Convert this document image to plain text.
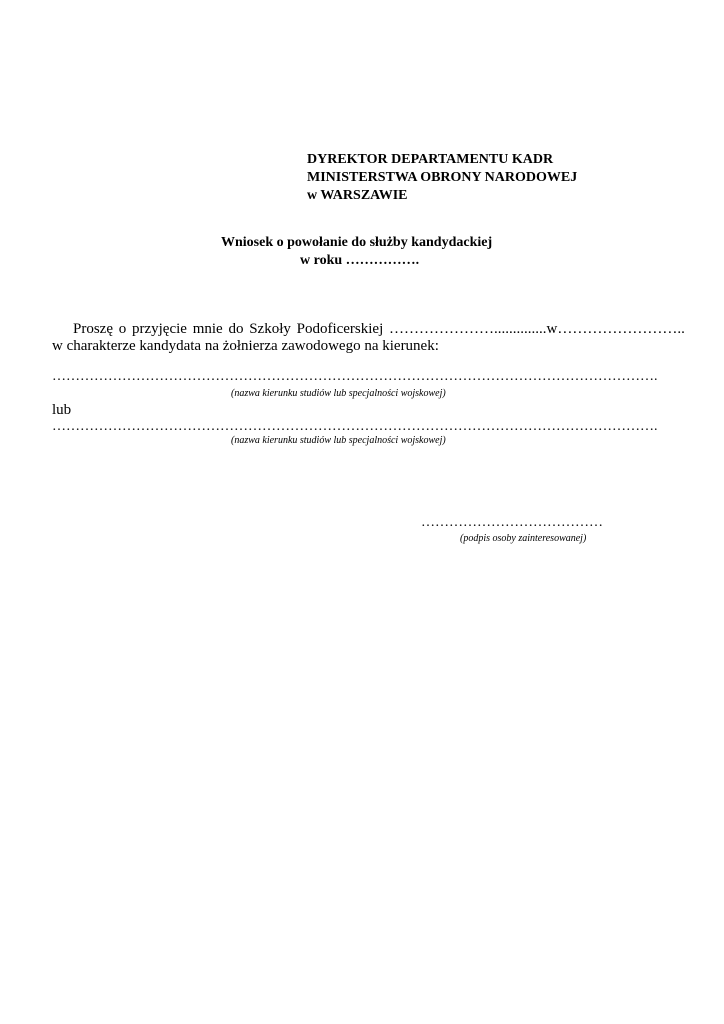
DYREKTOR DEPARTAMENTU KADR
MINISTERSTWA OBRONY NARODOWEJ
w WARSZAWIE
Wniosek o powołanie do służby kandydackiej
w roku …………….
Proszę o przyjęcie mnie do Szkoły Podoficerskiej …………………..............w……………………..
w charakterze kandydata na żołnierza zawodowego na kierunek:
………………………………………………………………………………………………………………….
(nazwa kierunku studiów lub specjalności wojskowej)
lub
………………………………………………………………………………………………………………….
(nazwa kierunku studiów lub specjalności wojskowej)
…………………………………
(podpis osoby zainteresowanej)
